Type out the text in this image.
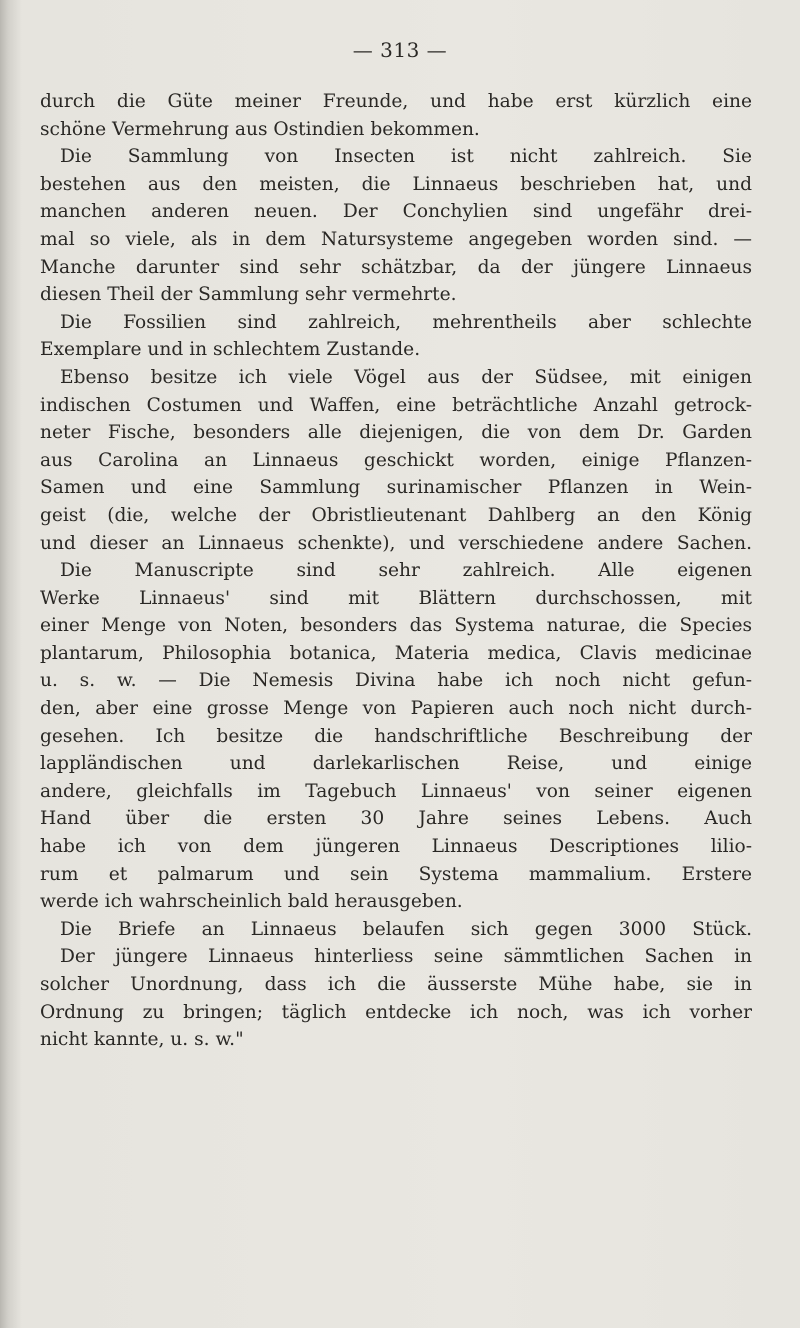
— 313 —
durch die Güte meiner Freunde, und habe erst kürzlich eine
schöne Vermehrung aus Ostindien bekommen.
Die Sammlung von Insecten ist nicht zahlreich. Sie
bestehen aus den meisten, die Linnaeus beschrieben hat, und
manchen anderen neuen. Der Conchylien sind ungefähr drei-
mal so viele, als in dem Natursysteme angegeben worden sind. —
Manche darunter sind sehr schätzbar, da der jüngere Linnaeus
diesen Theil der Sammlung sehr vermehrte.
Die Fossilien sind zahlreich, mehrentheils aber schlechte
Exemplare und in schlechtem Zustande.
Ebenso besitze ich viele Vögel aus der Südsee, mit einigen
indischen Costumen und Waffen, eine beträchtliche Anzahl getrock-
neter Fische, besonders alle diejenigen, die von dem Dr. Garden
aus Carolina an Linnaeus geschickt worden, einige Pflanzen-
Samen und eine Sammlung surinamischer Pflanzen in Wein-
geist (die, welche der Obristlieutenant Dahlberg an den König
und dieser an Linnaeus schenkte), und verschiedene andere Sachen.
Die Manuscripte sind sehr zahlreich. Alle eigenen
Werke Linnaeus' sind mit Blättern durchschossen, mit
einer Menge von Noten, besonders das Systema naturae, die Species
plantarum, Philosophia botanica, Materia medica, Clavis medicinae
u. s. w. — Die Nemesis Divina habe ich noch nicht gefun-
den, aber eine grosse Menge von Papieren auch noch nicht durch-
gesehen. Ich besitze die handschriftliche Beschreibung der
lappländischen und darlekarlischen Reise, und einige
andere, gleichfalls im Tagebuch Linnaeus' von seiner eigenen
Hand über die ersten 30 Jahre seines Lebens. Auch
habe ich von dem jüngeren Linnaeus Descriptiones lilio-
rum et palmarum und sein Systema mammalium. Erstere
werde ich wahrscheinlich bald herausgeben.
Die Briefe an Linnaeus belaufen sich gegen 3000 Stück.
Der jüngere Linnaeus hinterliess seine sämmtlichen Sachen in
solcher Unordnung, dass ich die äusserste Mühe habe, sie in
Ordnung zu bringen; täglich entdecke ich noch, was ich vorher
nicht kannte, u. s. w."
